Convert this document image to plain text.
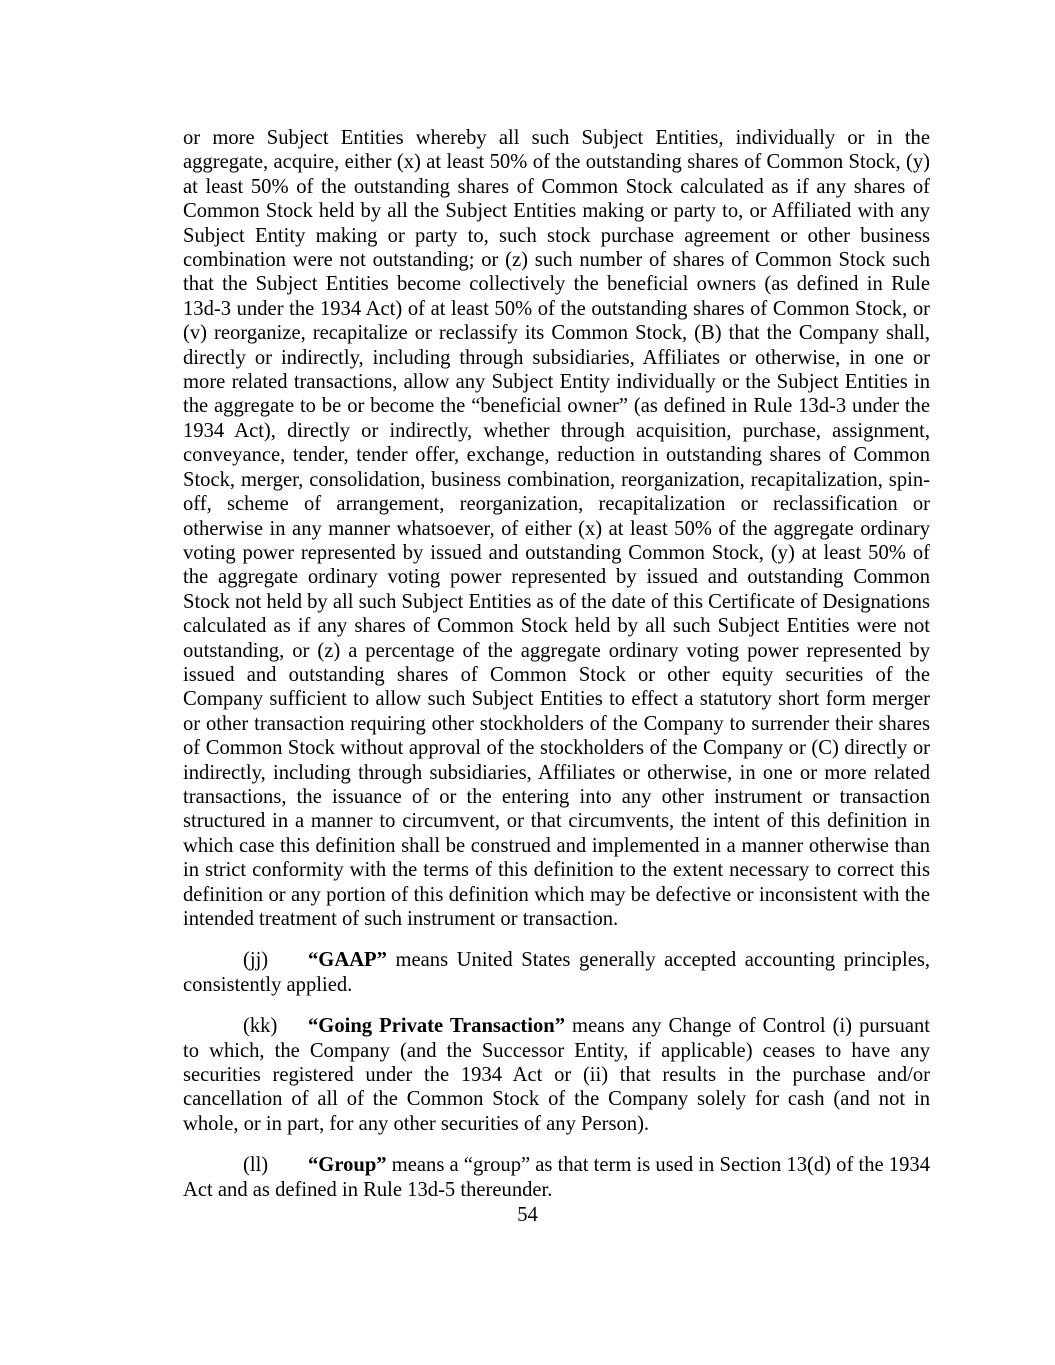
or more Subject Entities whereby all such Subject Entities, individually or in the aggregate, acquire, either (x) at least 50% of the outstanding shares of Common Stock, (y) at least 50% of the outstanding shares of Common Stock calculated as if any shares of Common Stock held by all the Subject Entities making or party to, or Affiliated with any Subject Entity making or party to, such stock purchase agreement or other business combination were not outstanding; or (z) such number of shares of Common Stock such that the Subject Entities become collectively the beneficial owners (as defined in Rule 13d-3 under the 1934 Act) of at least 50% of the outstanding shares of Common Stock, or (v) reorganize, recapitalize or reclassify its Common Stock, (B) that the Company shall, directly or indirectly, including through subsidiaries, Affiliates or otherwise, in one or more related transactions, allow any Subject Entity individually or the Subject Entities in the aggregate to be or become the “beneficial owner” (as defined in Rule 13d-3 under the 1934 Act), directly or indirectly, whether through acquisition, purchase, assignment, conveyance, tender, tender offer, exchange, reduction in outstanding shares of Common Stock, merger, consolidation, business combination, reorganization, recapitalization, spin-off, scheme of arrangement, reorganization, recapitalization or reclassification or otherwise in any manner whatsoever, of either (x) at least 50% of the aggregate ordinary voting power represented by issued and outstanding Common Stock, (y) at least 50% of the aggregate ordinary voting power represented by issued and outstanding Common Stock not held by all such Subject Entities as of the date of this Certificate of Designations calculated as if any shares of Common Stock held by all such Subject Entities were not outstanding, or (z) a percentage of the aggregate ordinary voting power represented by issued and outstanding shares of Common Stock or other equity securities of the Company sufficient to allow such Subject Entities to effect a statutory short form merger or other transaction requiring other stockholders of the Company to surrender their shares of Common Stock without approval of the stockholders of the Company or (C) directly or indirectly, including through subsidiaries, Affiliates or otherwise, in one or more related transactions, the issuance of or the entering into any other instrument or transaction structured in a manner to circumvent, or that circumvents, the intent of this definition in which case this definition shall be construed and implemented in a manner otherwise than in strict conformity with the terms of this definition to the extent necessary to correct this definition or any portion of this definition which may be defective or inconsistent with the intended treatment of such instrument or transaction.

(jj) “GAAP” means United States generally accepted accounting principles, consistently applied.

(kk) “Going Private Transaction” means any Change of Control (i) pursuant to which, the Company (and the Successor Entity, if applicable) ceases to have any securities registered under the 1934 Act or (ii) that results in the purchase and/or cancellation of all of the Common Stock of the Company solely for cash (and not in whole, or in part, for any other securities of any Person).

(ll) “Group” means a “group” as that term is used in Section 13(d) of the 1934 Act and as defined in Rule 13d-5 thereunder.

54
